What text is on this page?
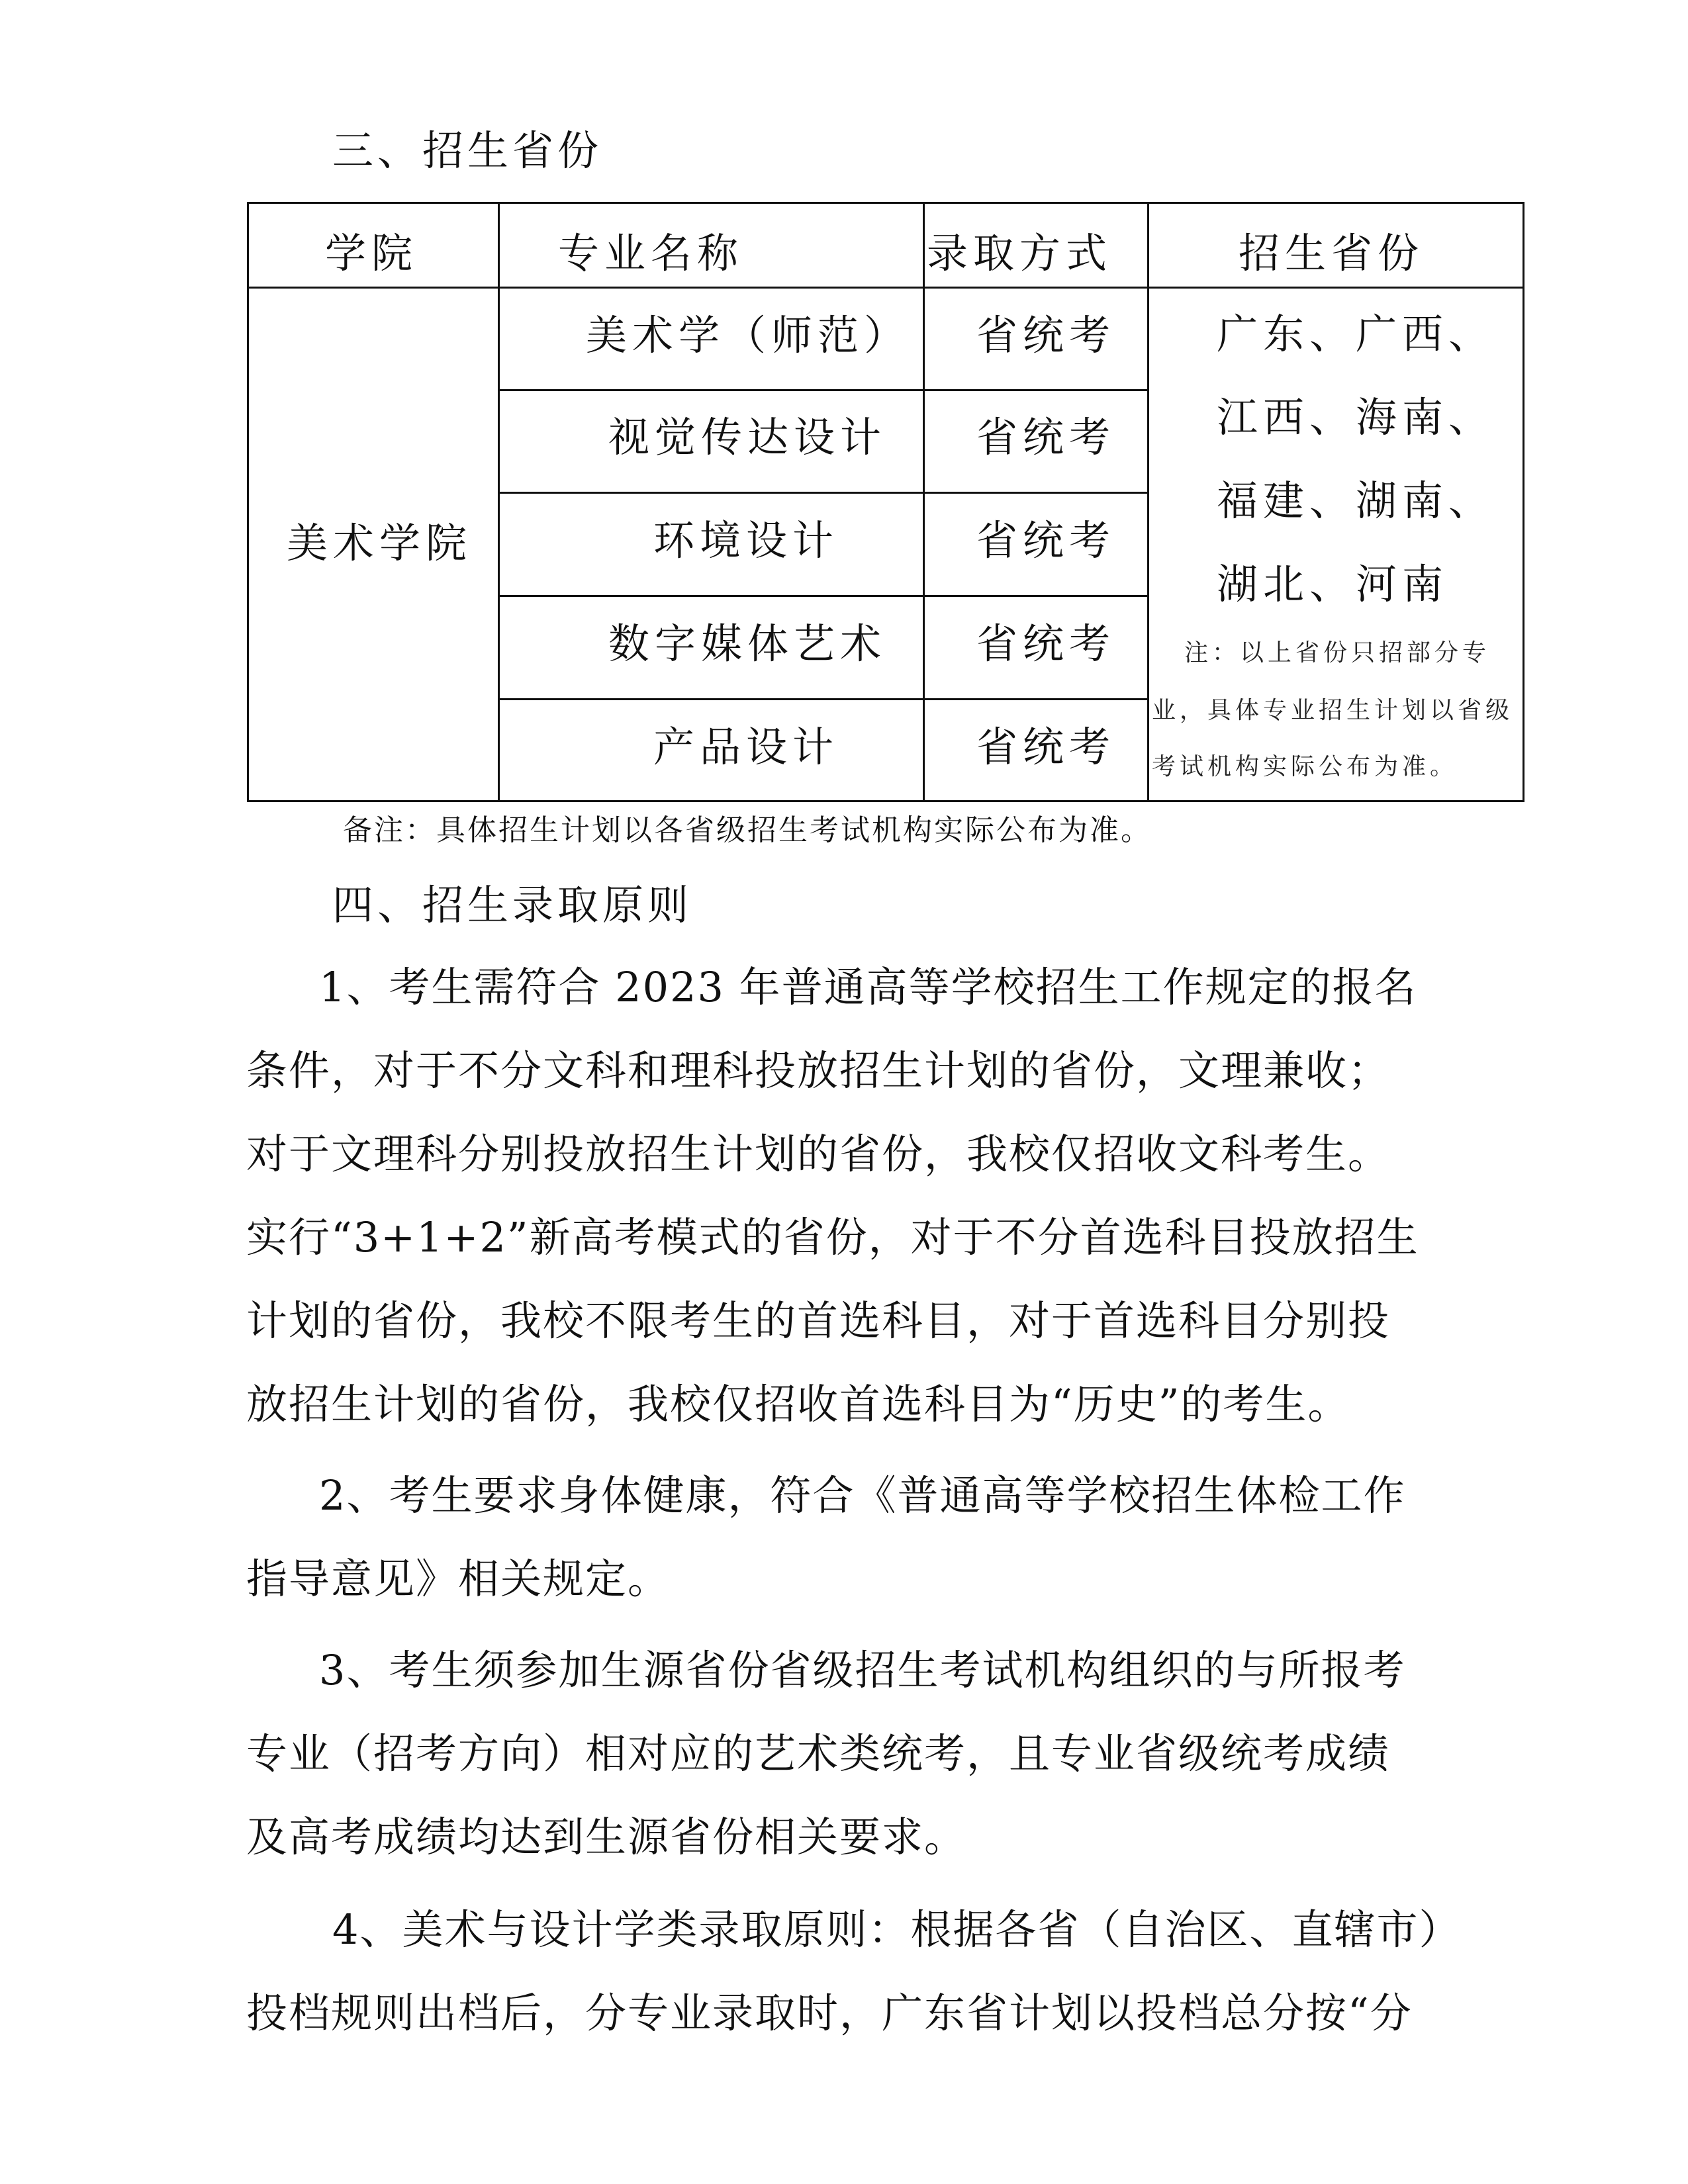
三、招生省份
学院	专业名称	录取方式	招生省份
美术学院
美术学（师范） 省统考
视觉传达设计 省统考
环境设计	省统考
数字媒体艺术 省统考
产品设计	省统考
广东、广西、
江西、海南、
福建、湖南、
湖北、河南
注：以上省份只招部分专
业，具体专业招生计划以省级
考试机构实际公布为准。
备注：具体招生计划以各省级招生考试机构实际公布为准。
四、招生录取原则
1、考生需符合 2023 年普通高等学校招生工作规定的报名
条件，对于不分文科和理科投放招生计划的省份，文理兼收；
对于文理科分别投放招生计划的省份，我校仅招收文科考生。
实行“3+1+2”新高考模式的省份，对于不分首选科目投放招生
计划的省份，我校不限考生的首选科目，对于首选科目分别投
放招生计划的省份，我校仅招收首选科目为“历史”的考生。
2、考生要求身体健康，符合《普通高等学校招生体检工作
指导意见》相关规定。
3、考生须参加生源省份省级招生考试机构组织的与所报考
专业（招考方向）相对应的艺术类统考，且专业省级统考成绩
及高考成绩均达到生源省份相关要求。
4、美术与设计学类录取原则：根据各省（自治区、直辖市）
投档规则出档后，分专业录取时，广东省计划以投档总分按“分
